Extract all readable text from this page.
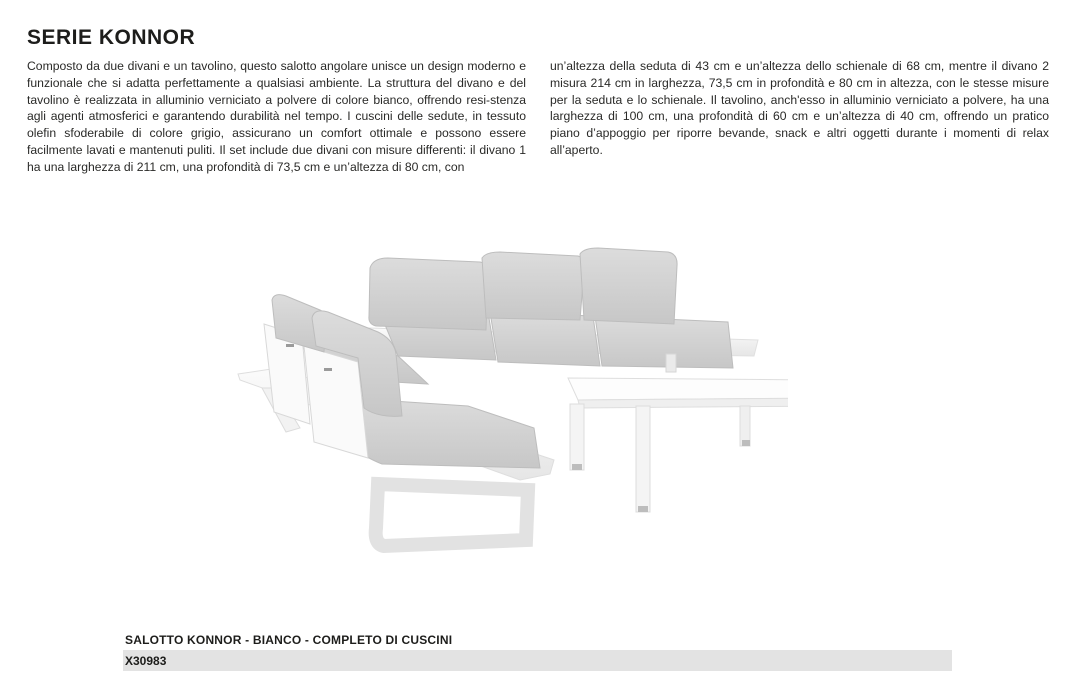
SERIE KONNOR
Composto da due divani e un tavolino, questo salotto angolare unisce un design moderno e funzionale che si adatta perfettamente a qualsiasi ambiente. La struttura del divano e del tavolino è realizzata in alluminio verniciato a polvere di colore bianco, offrendo resi-stenza agli agenti atmosferici e garantendo durabilità nel tempo. I cuscini delle sedute, in tessuto olefin sfoderabile di colore grigio, assicurano un comfort ottimale e possono essere facilmente lavati e mantenuti puliti. Il set include due divani con misure differenti: il divano 1 ha una larghezza di 211 cm, una profondità di 73,5 cm e un’altezza di 80 cm, con
un’altezza della seduta di 43 cm e un’altezza dello schienale di 68 cm, mentre il divano 2 misura 214 cm in larghezza, 73,5 cm in profondità e 80 cm in altezza, con le stesse misure per la seduta e lo schienale. Il tavolino, anch'esso in alluminio verniciato a polvere, ha una larghezza di 100 cm, una profondità di 60 cm e un’altezza di 40 cm, offrendo un pratico piano d’appoggio per riporre bevande, snack e altri oggetti durante i momenti di relax all’aperto.
SALOTTO KONNOR - BIANCO - COMPLETO DI CUSCINI
X30983
